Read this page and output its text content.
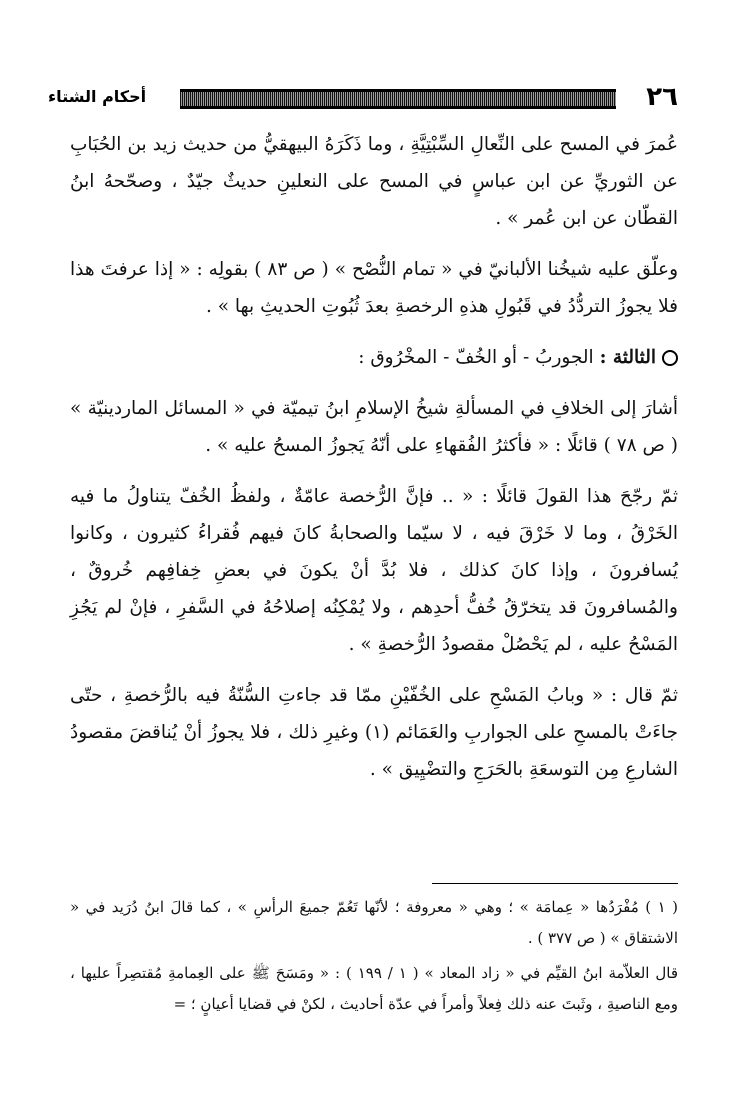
٢٦
أحكام الشتاء

عُمرَ في المسح على النِّعالِ السِّبْتِيَّةِ ، وما ذَكَرَهُ البيهقيُّ من حديث زيد بن الحُبَابِ عن الثوريِّ عن ابن عباسٍ في المسح على النعلينِ حديثٌ جيّدٌ ، وصحّحهُ ابنُ القطّان عن ابن عُمر » .

وعلّق عليه شيخُنا الألبانيّ في « تمام النُّصْح » ( ص ٨٣ ) بقولِه : « إذا عرفتَ هذا فلا يجوزُ التردُّدُ في قَبُولِ هذهِ الرخصةِ بعدَ ثُبُوتِ الحديثِ بها » .

الثالثة : الجوربُ - أو الخُفّ - المخْرُوق :

أشارَ إلى الخلافِ في المسألةِ شيخُ الإسلامِ ابنُ تيميّة في « المسائل الماردينيّة » ( ص ٧٨ ) قائلًا : « فأكثرُ الفُقهاءِ على أنّهُ يَجوزُ المسحُ عليه » .

ثمّ رجّحَ هذا القولَ قائلًا : « .. فإنَّ الرُّخصة عامّةٌ ، ولفظُ الخُفّ يتناولُ ما فيه الخَرْقُ ، وما لا خَرْقَ فيه ، لا سيّما والصحابةُ كانَ فيهم فُقراءُ كثيرون ، وكانوا يُسافرونَ ، وإذا كانَ كذلك ، فلا بُدَّ أنْ يكونَ في بعضِ خِفافِهم خُروقٌ ، والمُسافرونَ قد يتخرّقُ خُفُّ أحدِهم ، ولا يُمْكِنُه إصلاحُهُ في السَّفرِ ، فإنْ لم يَجُزِ المَسْحُ عليه ، لم يَحْصُلْ مقصودُ الرُّخصةِ » .

ثمّ قال : « وبابُ المَسْحِ على الخُفّيْنِ ممّا قد جاءتِ السُّنّةُ فيه بالرُّخصةِ ، حتّى جاءَتْ بالمسحِ على الجواربِ والعَمَائم (١) وغيرِ ذلك ، فلا يجوزُ أنْ يُناقضَ مقصودُ الشارعِ مِن التوسعَةِ بالحَرَجِ والتضْيِيق » .

( ١ ) مُفْرَدُها « عِمامَة » ؛ وهي « معروفة ؛ لأنّها تَعُمّ جميعَ الرأسِ » ، كما قالَ ابنُ دُرَيد في « الاشتقاق » ( ص ٣٧٧ ) .

قال العلاّمة ابنُ القيِّم في « زاد المعاد » ( ١ / ١٩٩ ) : « ومَسَحَ ﷺ على العِمامةِ مُقتصِراً عليها ، ومع الناصيةِ ، وثَبتَ عنه ذلك فِعلاً وأمراً في عدّة أحاديث ، لكنْ في قضايا أعيانٍ ؛ =
